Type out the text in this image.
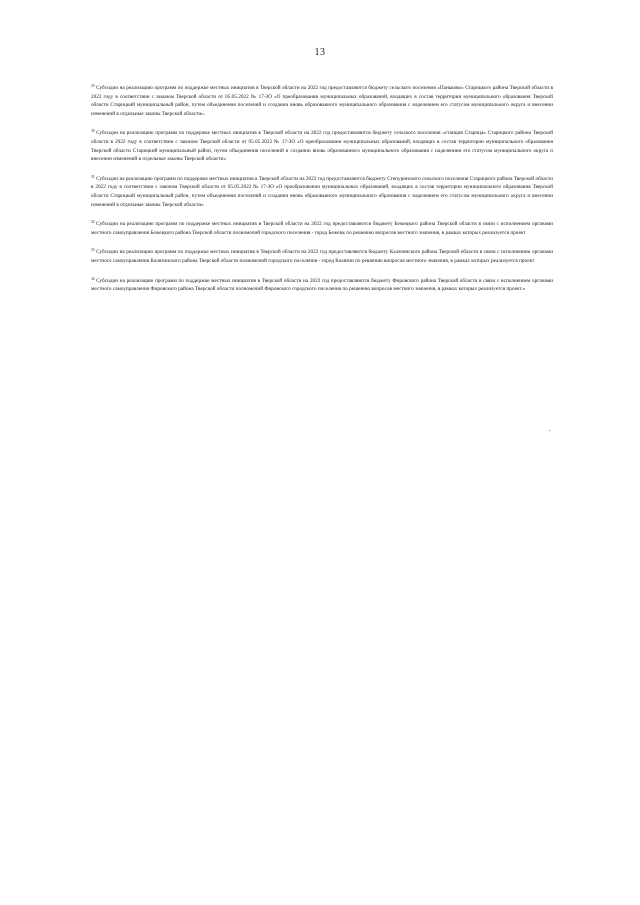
13

$^{29}$ Субсидии на реализацию программ по поддержке местных инициатив в Тверской области на 2022 год предоставляются бюджету сельского поселения «Паньково» Старицкого района Тверской области в 2022 году в соответствии с законом Тверской области от 05.05.2022 № 17-ЗО «О преобразовании муниципальных образований, входящих в состав территории муниципального образования Тверской области Старицкий муниципальный район, путем объединения поселений и создании вновь образованного муниципального образования с наделением его статусом муниципального округа и внесении изменений в отдельные законы Тверской области».

$^{30}$ Субсидии на реализацию программ по поддержке местных инициатив в Тверской области на 2022 год предоставляются бюджету сельского поселения «станция Старица» Старицкого района Тверской области в 2022 году в соответствии с законом Тверской области от 05.05.2022 № 17-ЗО «О преобразовании муниципальных образований, входящих в состав территории муниципального образования Тверской области Старицкий муниципальный район, путем объединения поселений и создании вновь образованного муниципального образования с наделением его статусом муниципального округа и внесении изменений в отдельные законы Тверской области»

$^{31}$ Субсидии на реализацию программ по поддержке местных инициатив в Тверской области на 2022 год предоставляются бюджету Степуринского сельского поселения Старицкого района Тверской области в 2022 году в соответствии с законом Тверской области от 05.05.2022 № 17-ЗО «О преобразовании муниципальных образований, входящих в состав территории муниципального образования Тверской области Старицкий муниципальный район, путем объединения поселений и создании вновь образованного муниципального образования с наделением его статусом муниципального округа и внесении изменений в отдельные законы Тверской области»

$^{32}$ Субсидии на реализацию программ по поддержке местных инициатив в Тверской области на 2022 год предоставляются бюджету Бежецкого района Тверской области в связи с исполнением органами местного самоуправления Бежецкого района Тверской области полномочий городского поселения - город Бежецк по решению вопросов местного значения, в рамках которых реализуется проект

$^{33}$ Субсидии на реализацию программ по поддержке местных инициатив в Тверской области на 2022 год предоставляются бюджету Калязинского района Тверской области в связи с исполнением органами местного самоуправления Калязинского района Тверской области полномочий городского поселения - город Калязин по решению вопросов местного значения, в рамках которых реализуется проект

$^{34}$ Субсидии на реализацию программ по поддержке местных инициатив в Тверской области на 2022 год предоставляются бюджету Фировского района Тверской области в связи с исполнением органами местного самоуправления Фировского района Тверской области полномочий Фировского городского поселения по решению вопросов местного значения, в рамках которых реализуется проект.»
